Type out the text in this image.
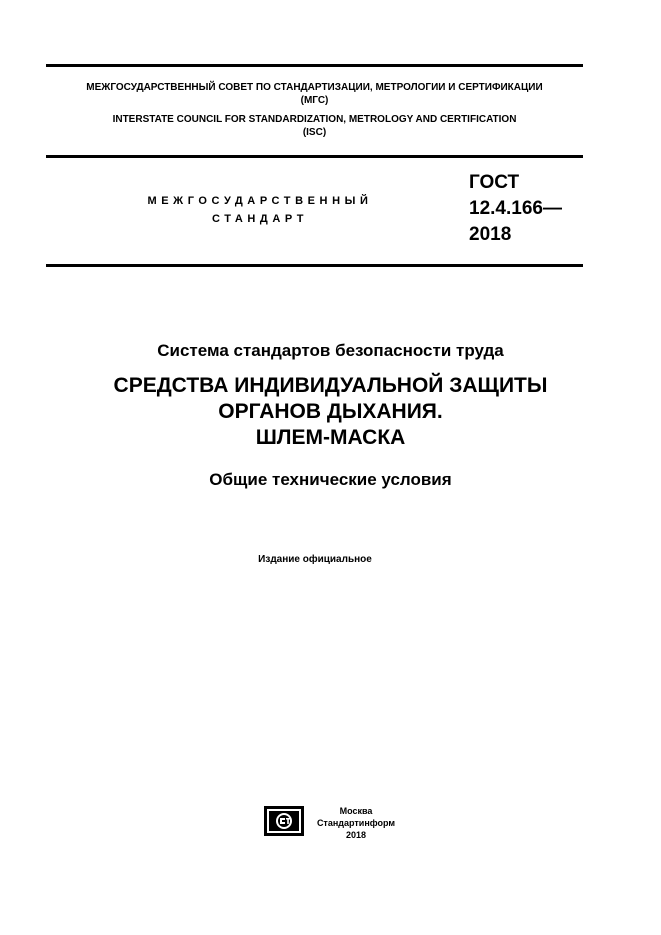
МЕЖГОСУДАРСТВЕННЫЙ СОВЕТ ПО СТАНДАРТИЗАЦИИ, МЕТРОЛОГИИ И СЕРТИФИКАЦИИ
(МГС)
INTERSTATE COUNCIL FOR STANDARDIZATION, METROLOGY AND CERTIFICATION
(ISC)
МЕЖГОСУДАРСТВЕННЫЙ
СТАНДАРТ
ГОСТ
12.4.166—
2018
Система стандартов безопасности труда
СРЕДСТВА ИНДИВИДУАЛЬНОЙ ЗАЩИТЫ
ОРГАНОВ ДЫХАНИЯ.
ШЛЕМ-МАСКА
Общие технические условия
Издание официальное
Москва
Стандартинформ
2018
